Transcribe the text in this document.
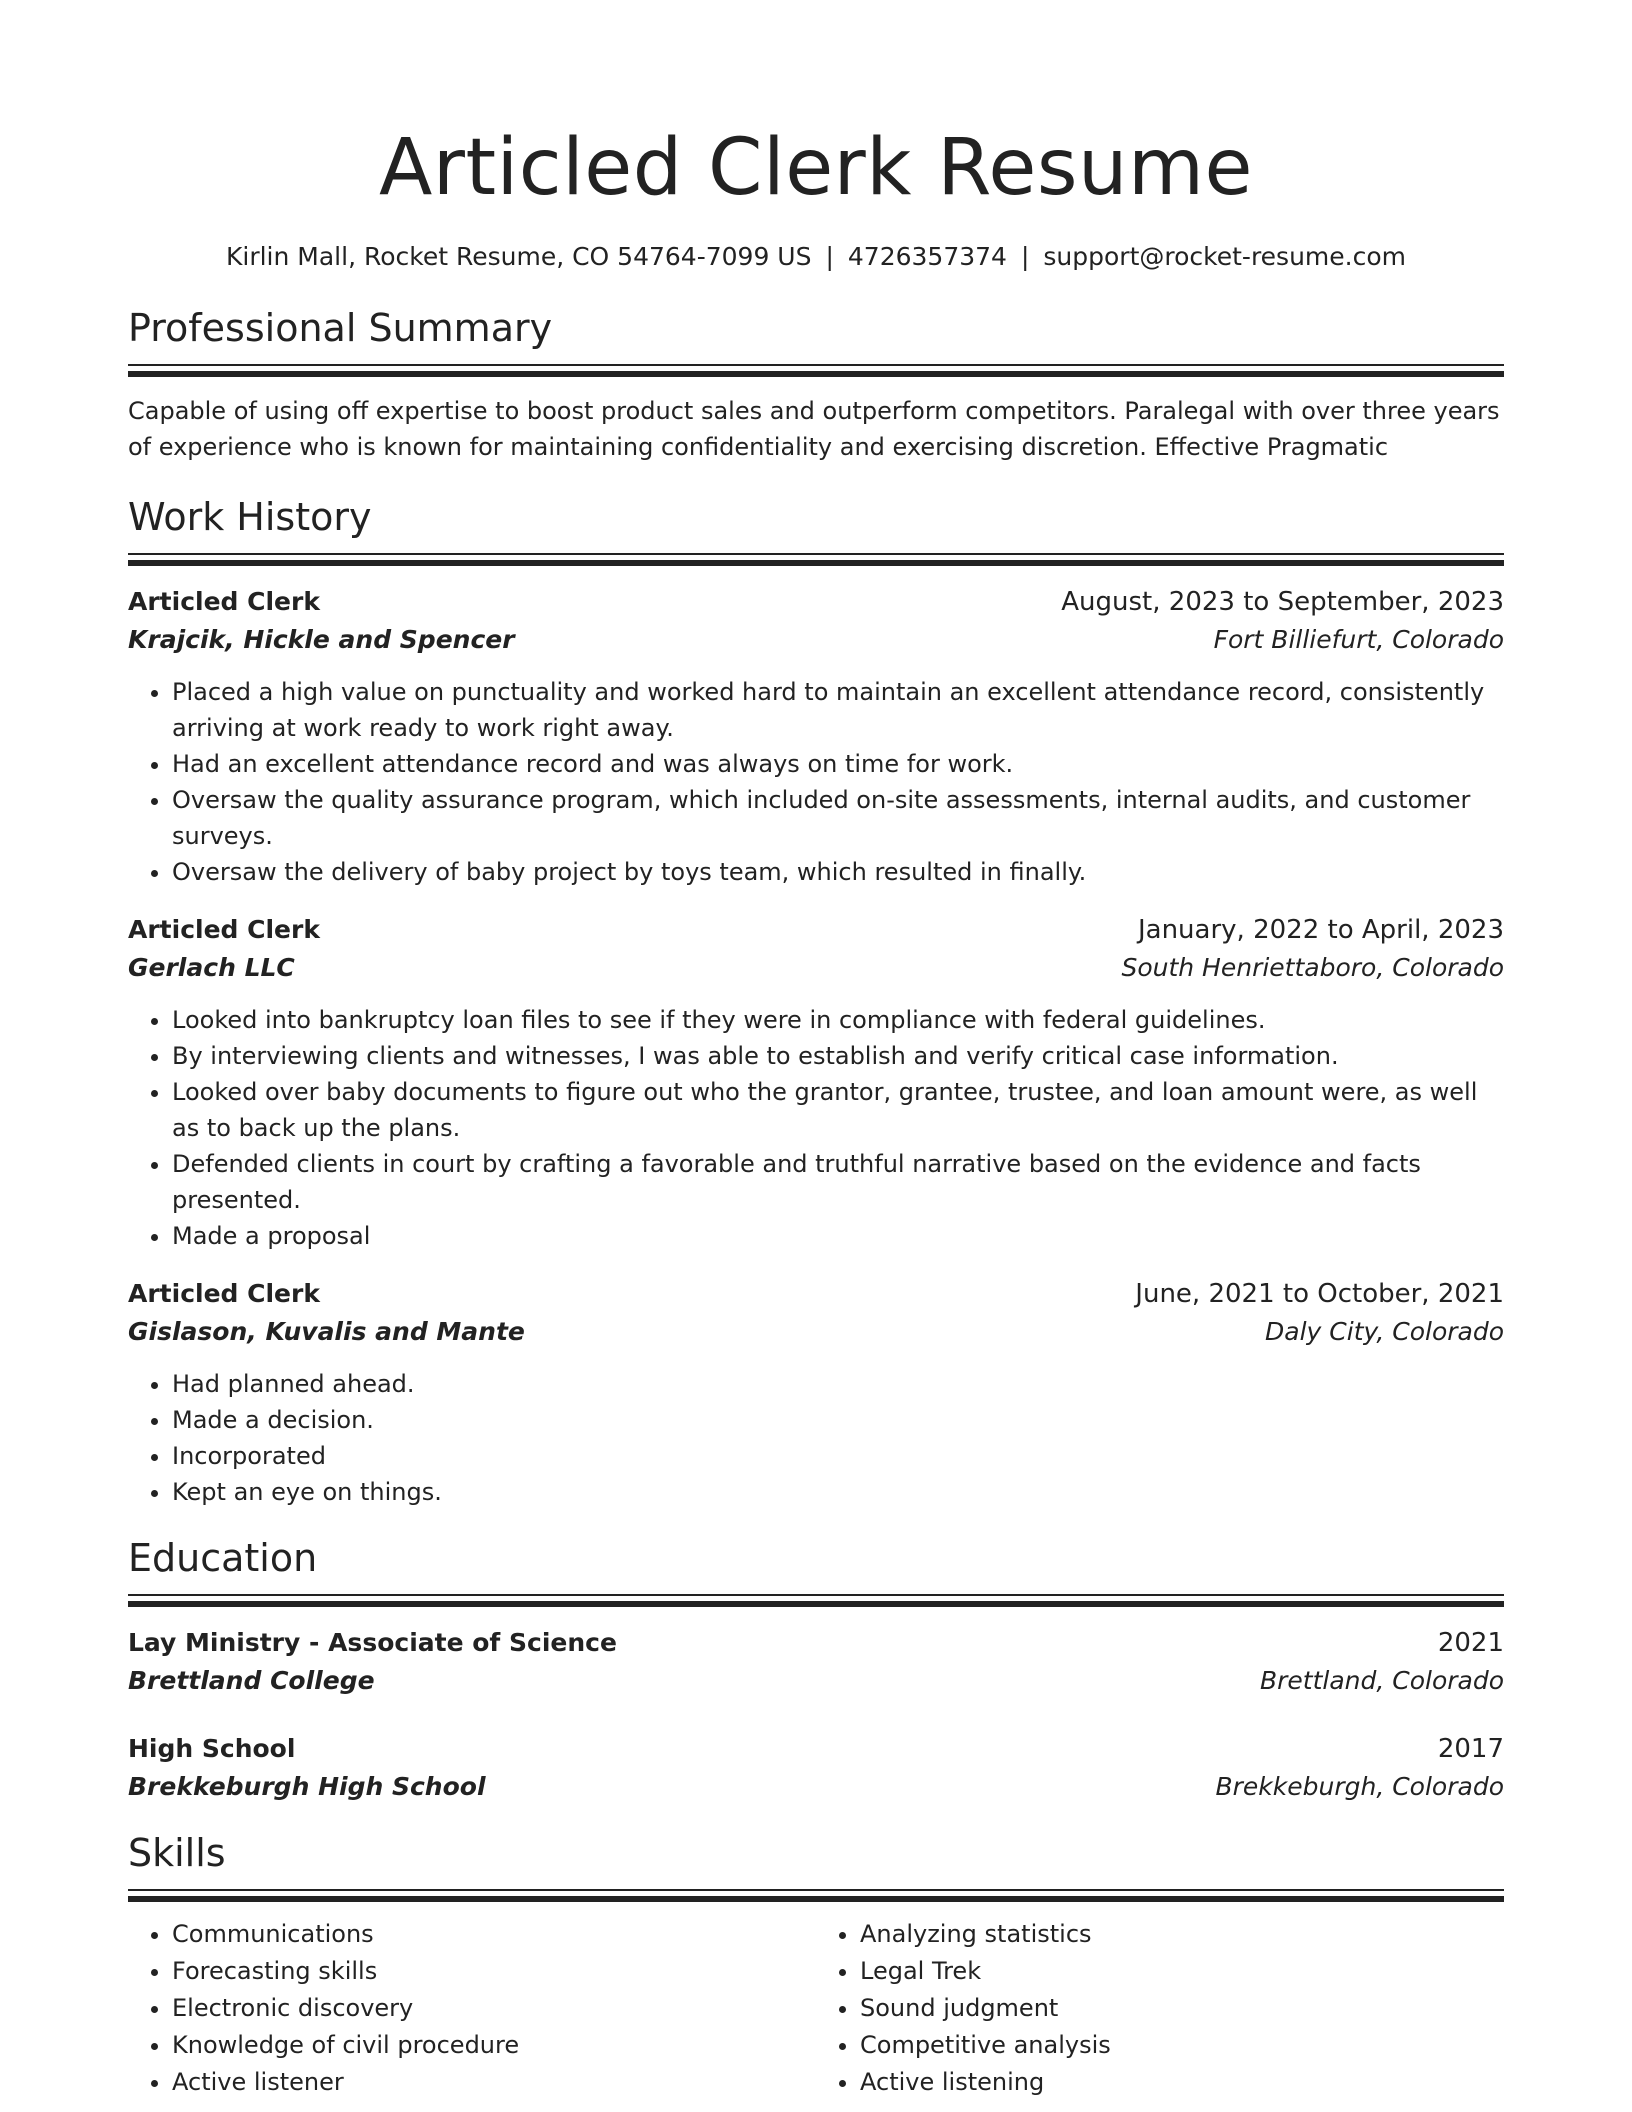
Articled Clerk Resume
Kirlin Mall, Rocket Resume, CO 54764-7099 US | 4726357374 | support@rocket-resume.com
Professional Summary

Capable of using off expertise to boost product sales and outperform competitors. Paralegal with over three years of experience who is known for maintaining confidentiality and exercising discretion. Effective Pragmatic

Work History
Articled Clerk	August, 2023 to September, 2023
Krajcik, Hickle and Spencer	Fort Billiefurt, Colorado
• Placed a high value on punctuality and worked hard to maintain an excellent attendance record, consistently arriving at work ready to work right away.
• Had an excellent attendance record and was always on time for work.
• Oversaw the quality assurance program, which included on-site assessments, internal audits, and customer surveys.
• Oversaw the delivery of baby project by toys team, which resulted in finally.
Articled Clerk	January, 2022 to April, 2023
Gerlach LLC	South Henriettaboro, Colorado
• Looked into bankruptcy loan files to see if they were in compliance with federal guidelines.
• By interviewing clients and witnesses, I was able to establish and verify critical case information.
• Looked over baby documents to figure out who the grantor, grantee, trustee, and loan amount were, as well as to back up the plans.
• Defended clients in court by crafting a favorable and truthful narrative based on the evidence and facts presented.
• Made a proposal
Articled Clerk	June, 2021 to October, 2021
Gislason, Kuvalis and Mante	Daly City, Colorado
• Had planned ahead.
• Made a decision.
• Incorporated
• Kept an eye on things.
Education
Lay Ministry - Associate of Science	2021
Brettland College	Brettland, Colorado
High School	2017
Brekkeburgh High School	Brekkeburgh, Colorado
Skills
• Communications
• Forecasting skills
• Electronic discovery
• Knowledge of civil procedure
• Active listener
• Analyzing statistics
• Legal Trek
• Sound judgment
• Competitive analysis
• Active listening
